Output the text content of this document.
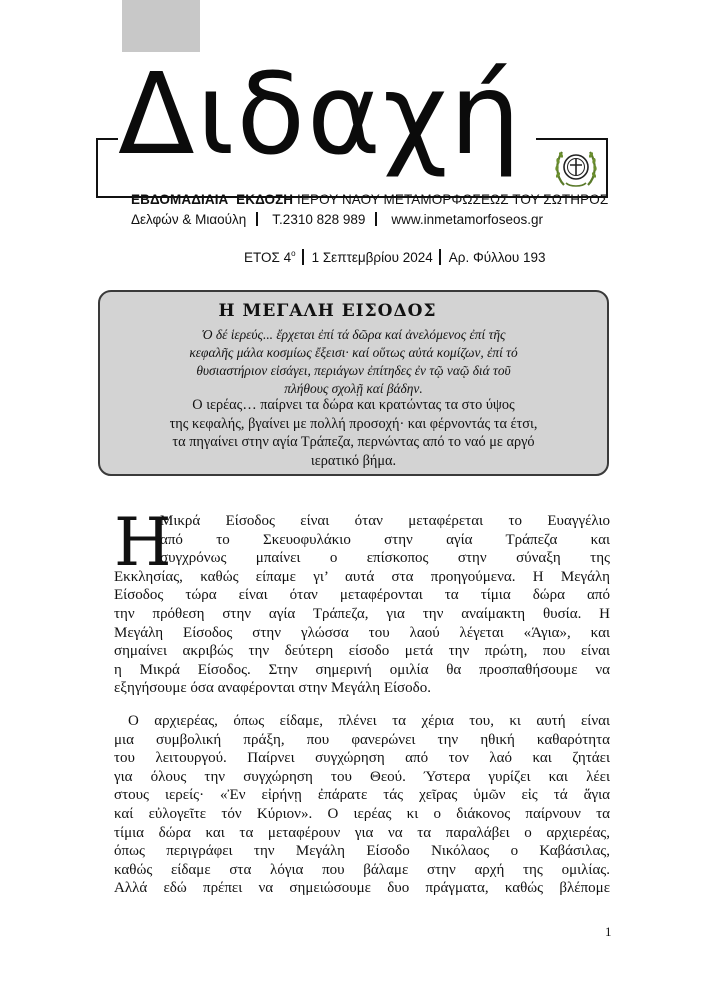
Διδαχή
ΕΒΔΟΜΑΔΙΑΙΑ ΕΚΔΟΣΗ ΙΕΡΟΥ ΝΑΟΥ ΜΕΤΑΜΟΡΦΩΣΕΩΣ ΤΟΥ ΣΩΤΗΡΟΣ
Δελφών & Μιαούλη Τ.2310 828 989 www.inmetamorfoseos.gr
ΕΤΟΣ $4^o$ 1 Σεπτεμβρίου 2024 Αρ. Φύλλου 193
Η ΜΕΓΑΛΗ ΕΙΣΟΔΟΣ

Ὁ δέ ἱερεύς... ἔρχεται ἐπί τά δῶρα καί ἀνελόμενος ἐπί τῆς

κεφαλῆς μάλα κοσμίως ἔξεισι· καί οὕτως αὐτά κομίζων, ἐπί τό

θυσιαστήριον εἰσάγει, περιάγων ἐπίτηδες ἐν τῷ ναῷ διά τοῦ

πλήθους σχολῇ καί βάδην.

Ο ιερέας… παίρνει τα δώρα και κρατώντας τα στο ύψος

της κεφαλής, βγαίνει με πολλή προσοχή· και φέρνοντάς τα έτσι,

τα πηγαίνει στην αγία Τράπεζα, περνώντας από το ναό με αργό

ιερατικό βήμα.

Η

Μικρά Είσοδος είναι όταν μεταφέρεται το Ευαγγέλιο

από το Σκευοφυλάκιο στην αγία Τράπεζα και

συγχρόνως μπαίνει ο επίσκοπος στην σύναξη της

Εκκλησίας, καθώς είπαμε γι’ αυτά στα προηγούμενα. Η Μεγάλη

Είσοδος τώρα είναι όταν μεταφέρονται τα τίμια δώρα από

την πρόθεση στην αγία Τράπεζα, για την αναίμακτη θυσία. Η

Μεγάλη Είσοδος στην γλώσσα του λαού λέγεται «Άγια», και

σημαίνει ακριβώς την δεύτερη είσοδο μετά την πρώτη, που είναι

η Μικρά Είσοδος. Στην σημερινή ομιλία θα προσπαθήσουμε να

εξηγήσουμε όσα αναφέρονται στην Μεγάλη Είσοδο.

Ο αρχιερέας, όπως είδαμε, πλένει τα χέρια του, κι αυτή είναι

μια συμβολική πράξη, που φανερώνει την ηθική καθαρότητα

του λειτουργού. Παίρνει συγχώρηση από τον λαό και ζητάει

για όλους την συγχώρηση του Θεού. Ύστερα γυρίζει και λέει

στους ιερείς· «Ἐν εἰρήνῃ ἐπάρατε τάς χεῖρας ὑμῶν εἰς τά ἅγια

καί εὐλογεῖτε τόν Κύριον». Ο ιερέας κι ο διάκονος παίρνουν τα

τίμια δώρα και τα μεταφέρουν για να τα παραλάβει ο αρχιερέας,

όπως περιγράφει την Μεγάλη Είσοδο Νικόλαος ο Καβάσιλας,

καθώς είδαμε στα λόγια που βάλαμε στην αρχή της ομιλίας.

Αλλά εδώ πρέπει να σημειώσουμε δυο πράγματα, καθώς βλέπομε

1
